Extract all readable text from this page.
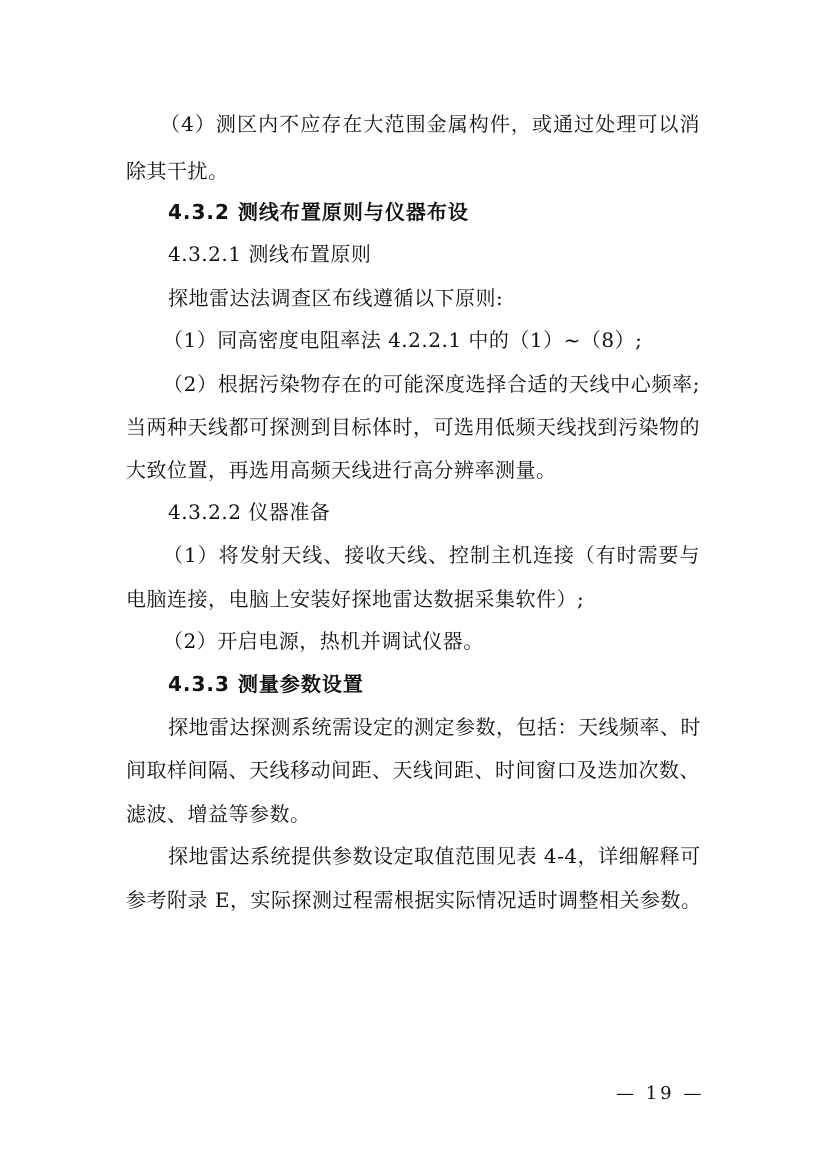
（4）测区内不应存在大范围金属构件，或通过处理可以消
除其干扰。
4.3.2 测线布置原则与仪器布设
4.3.2.1 测线布置原则
探地雷达法调查区布线遵循以下原则:
（1）同高密度电阻率法 4.2.2.1 中的（1）~（8）;
（2）根据污染物存在的可能深度选择合适的天线中心频率;
当两种天线都可探测到目标体时，可选用低频天线找到污染物的
大致位置，再选用高频天线进行高分辨率测量。
4.3.2.2 仪器准备
（1）将发射天线、接收天线、控制主机连接（有时需要与
电脑连接，电脑上安装好探地雷达数据采集软件）;
（2）开启电源，热机并调试仪器。
4.3.3 测量参数设置
探地雷达探测系统需设定的测定参数，包括：天线频率、时
间取样间隔、天线移动间距、天线间距、时间窗口及迭加次数、
滤波、增益等参数。
探地雷达系统提供参数设定取值范围见表 4-4，详细解释可
参考附录 E，实际探测过程需根据实际情况适时调整相关参数。
— 19 —
